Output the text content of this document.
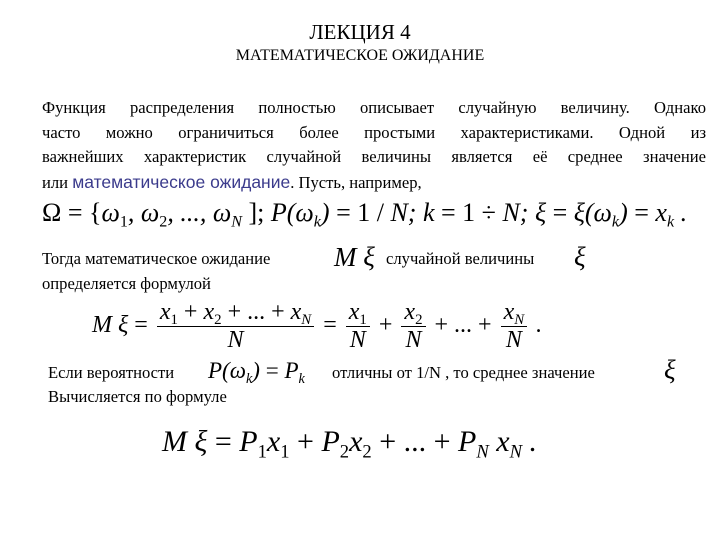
ЛЕКЦИЯ 4
МАТЕМАТИЧЕСКОЕ ОЖИДАНИЕ
Функция распределения полностью описывает случайную величину. Однако
часто можно ограничиться более простыми характеристиками. Одной из
важнейших характеристик случайной величины является её среднее значение
или математическое ожидание. Пусть, например,
$\Omega = \{\omega_1$, $\omega_2$, ..., $\omega_N$ ]; $P(\omega_k) = 1 / N$; k = 1 ÷ N; $\xi = \xi(\omega_k) = x_k$ .
Тогда математическое ожидание M ξ случайной величины ξ
определяется формулой
M $\xi = \frac{x_1 + x_2 + ... + x_N}{N} = \frac{x_1}{N} + \frac{x_2}{N}$ + ... + $\frac{x_N}{N}$ .
Если вероятности $P(\omega_k) = P_k$ отличны от 1/N , то среднее значение	ξ
Вычисляется по формуле
M $\xi = P_1x_1 + P_2x_2$ + ... + $P_N$ $x_N$ .
